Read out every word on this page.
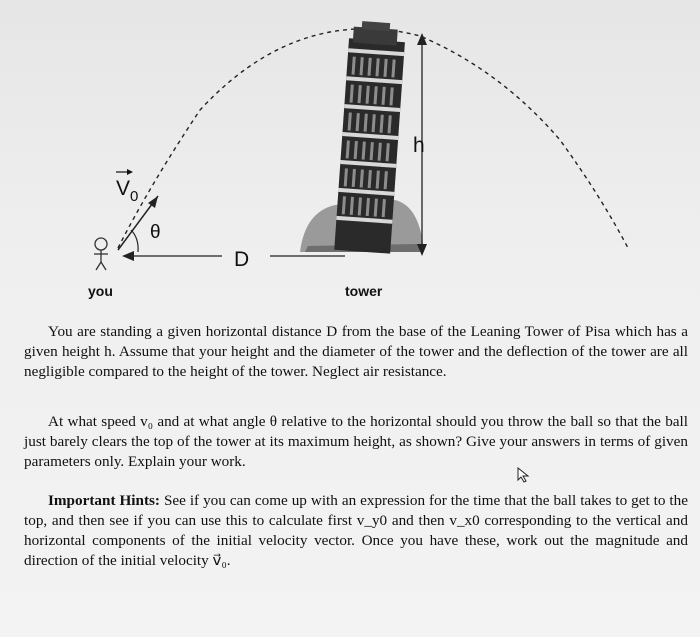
$V_0$
θ
D
h
you	tower
You are standing a given horizontal distance D from the base of the Leaning Tower of Pisa which has a given height h. Assume that your height and the diameter of the tower and the deflection of the tower are all negligible compared to the height of the tower. Neglect air resistance.
At what speed v₀ and at what angle θ relative to the horizontal should you throw the ball so that the ball just barely clears the top of the tower at its maximum height, as shown? Give your answers in terms of given parameters only. Explain your work.
Important Hints: See if you can come up with an expression for the time that the ball takes to get to the top, and then see if you can use this to calculate first v_y0 and then v_x0 corresponding to the vertical and horizontal components of the initial velocity vector. Once you have these, work out the magnitude and direction of the initial velocity v⃗₀.
